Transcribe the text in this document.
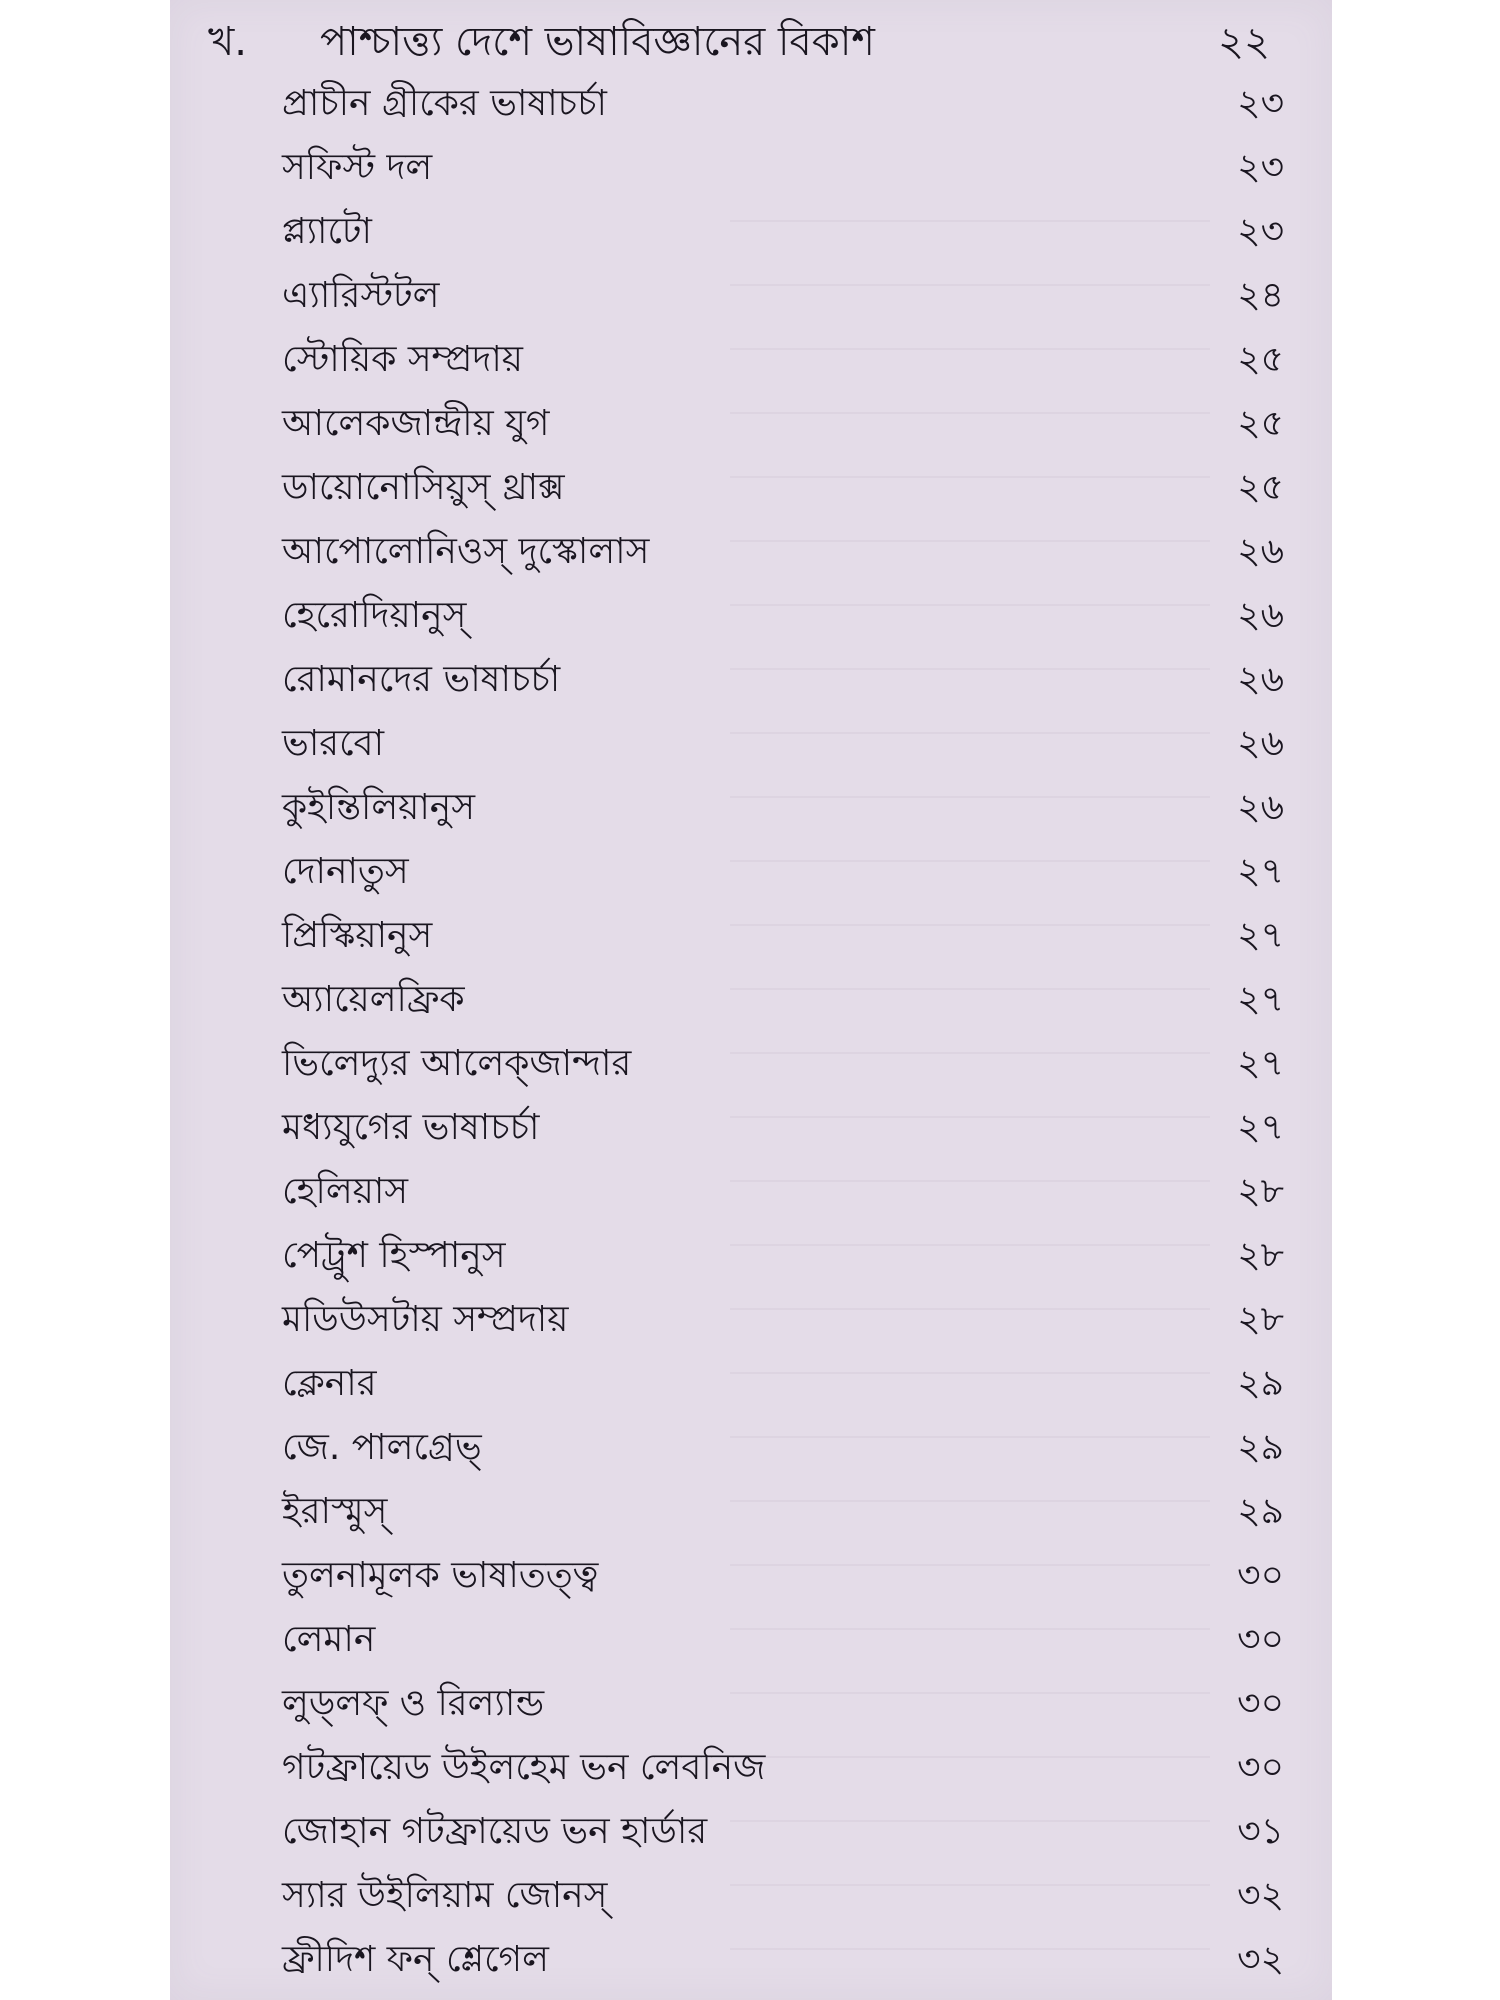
খ. পাশ্চাত্ত্য দেশে ভাষাবিজ্ঞানের বিকাশ	২২
প্রাচীন গ্রীকের ভাষাচর্চা	২৩
সফিস্ট দল	২৩
প্ল্যাটো	২৩
এ্যারিস্টটল	২৪
স্টোয়িক সম্প্রদায়	২৫
আলেকজান্দ্রীয় যুগ	২৫
ডায়োনোসিয়ুস্ থ্রাক্স	২৫
আপোলোনিওস্ দুস্কোলাস	২৬
হেরোদিয়ানুস্	২৬
রোমানদের ভাষাচর্চা	২৬
ভারবো	২৬
কুইন্তিলিয়ানুস	২৬
দোনাতুস	২৭
প্রিস্কিয়ানুস	২৭
অ্যায়েলফ্রিক	২৭
ভিলেদ্যুর আলেক্জান্দার	২৭
মধ্যযুগের ভাষাচর্চা	২৭
হেলিয়াস	২৮
পেট্রুশ হিস্পানুস	২৮
মডিউসটায় সম্প্রদায়	২৮
ক্লেনার	২৯
জে. পালগ্রেভ্	২৯
ইরাস্মুস্	২৯
তুলনামূলক ভাষাতত্ত্ব	৩০
লেমান	৩০
লুড্লফ্ ও রিল্যান্ড	৩০
গটফ্রায়েড উইলহেম ভন লেবনিজ	৩০
জোহান গটফ্রায়েড ভন হার্ডার	৩১
স্যার উইলিয়াম জোনস্	৩২
ফ্রীদিশ ফন্ শ্লেগেল	৩২
